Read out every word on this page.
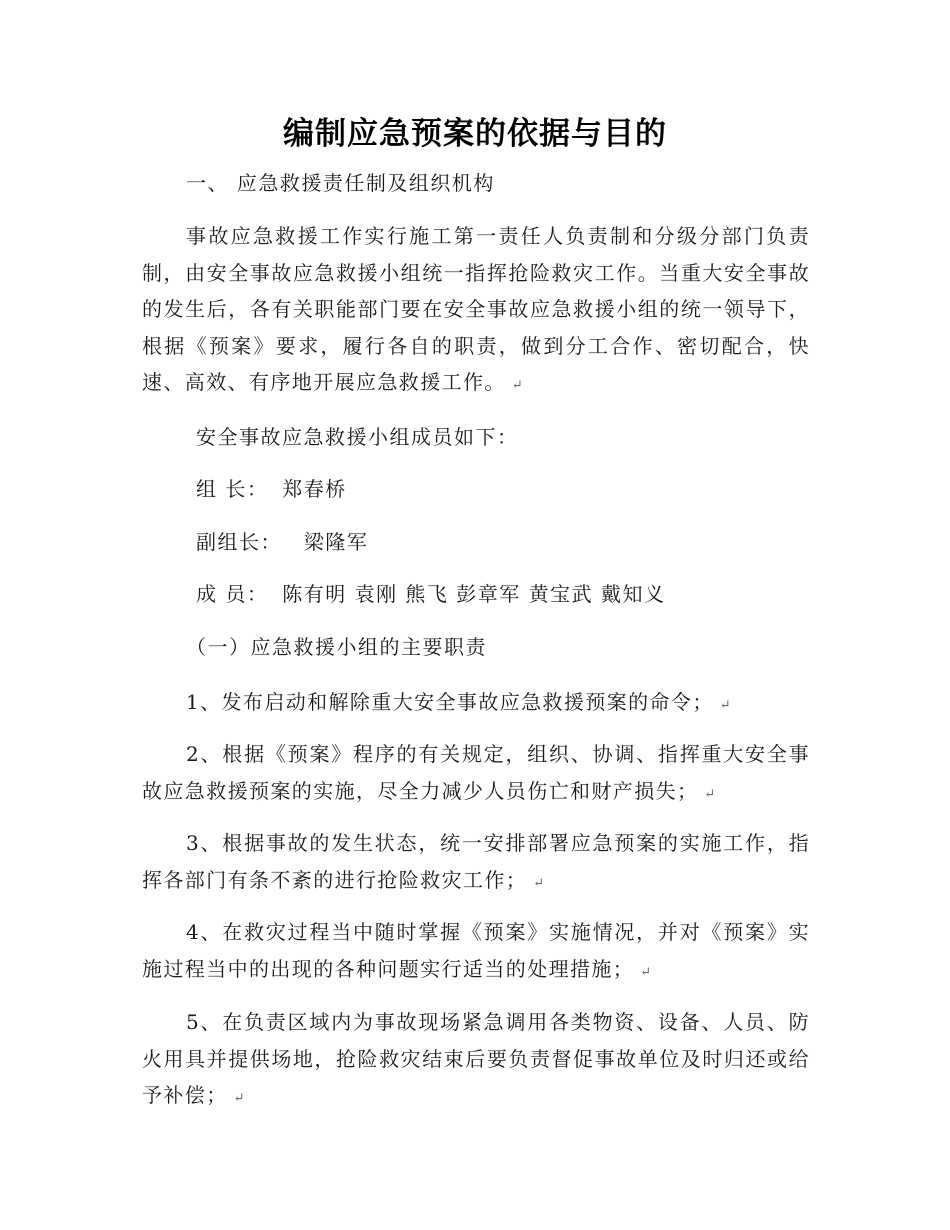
编制应急预案的依据与目的
一、 应急救援责任制及组织机构
事故应急救援工作实行施工第一责任人负责制和分级分部门负责制，由安全事故应急救援小组统一指挥抢险救灾工作。当重大安全事故的发生后，各有关职能部门要在安全事故应急救援小组的统一领导下，根据《预案》要求，履行各自的职责，做到分工合作、密切配合，快速、高效、有序地开展应急救援工作。 ↵
安全事故应急救援小组成员如下：
组 长： 郑春桥
副组长： 梁隆军
成 员： 陈有明 袁刚 熊飞 彭章军 黄宝武 戴知义
（一）应急救援小组的主要职责
1、发布启动和解除重大安全事故应急救援预案的命令； ↵
2、根据《预案》程序的有关规定，组织、协调、指挥重大安全事故应急救援预案的实施，尽全力减少人员伤亡和财产损失； ↵
3、根据事故的发生状态，统一安排部署应急预案的实施工作，指挥各部门有条不紊的进行抢险救灾工作； ↵
4、在救灾过程当中随时掌握《预案》实施情况，并对《预案》实施过程当中的出现的各种问题实行适当的处理措施； ↵
5、在负责区域内为事故现场紧急调用各类物资、设备、人员、防火用具并提供场地，抢险救灾结束后要负责督促事故单位及时归还或给予补偿； ↵
